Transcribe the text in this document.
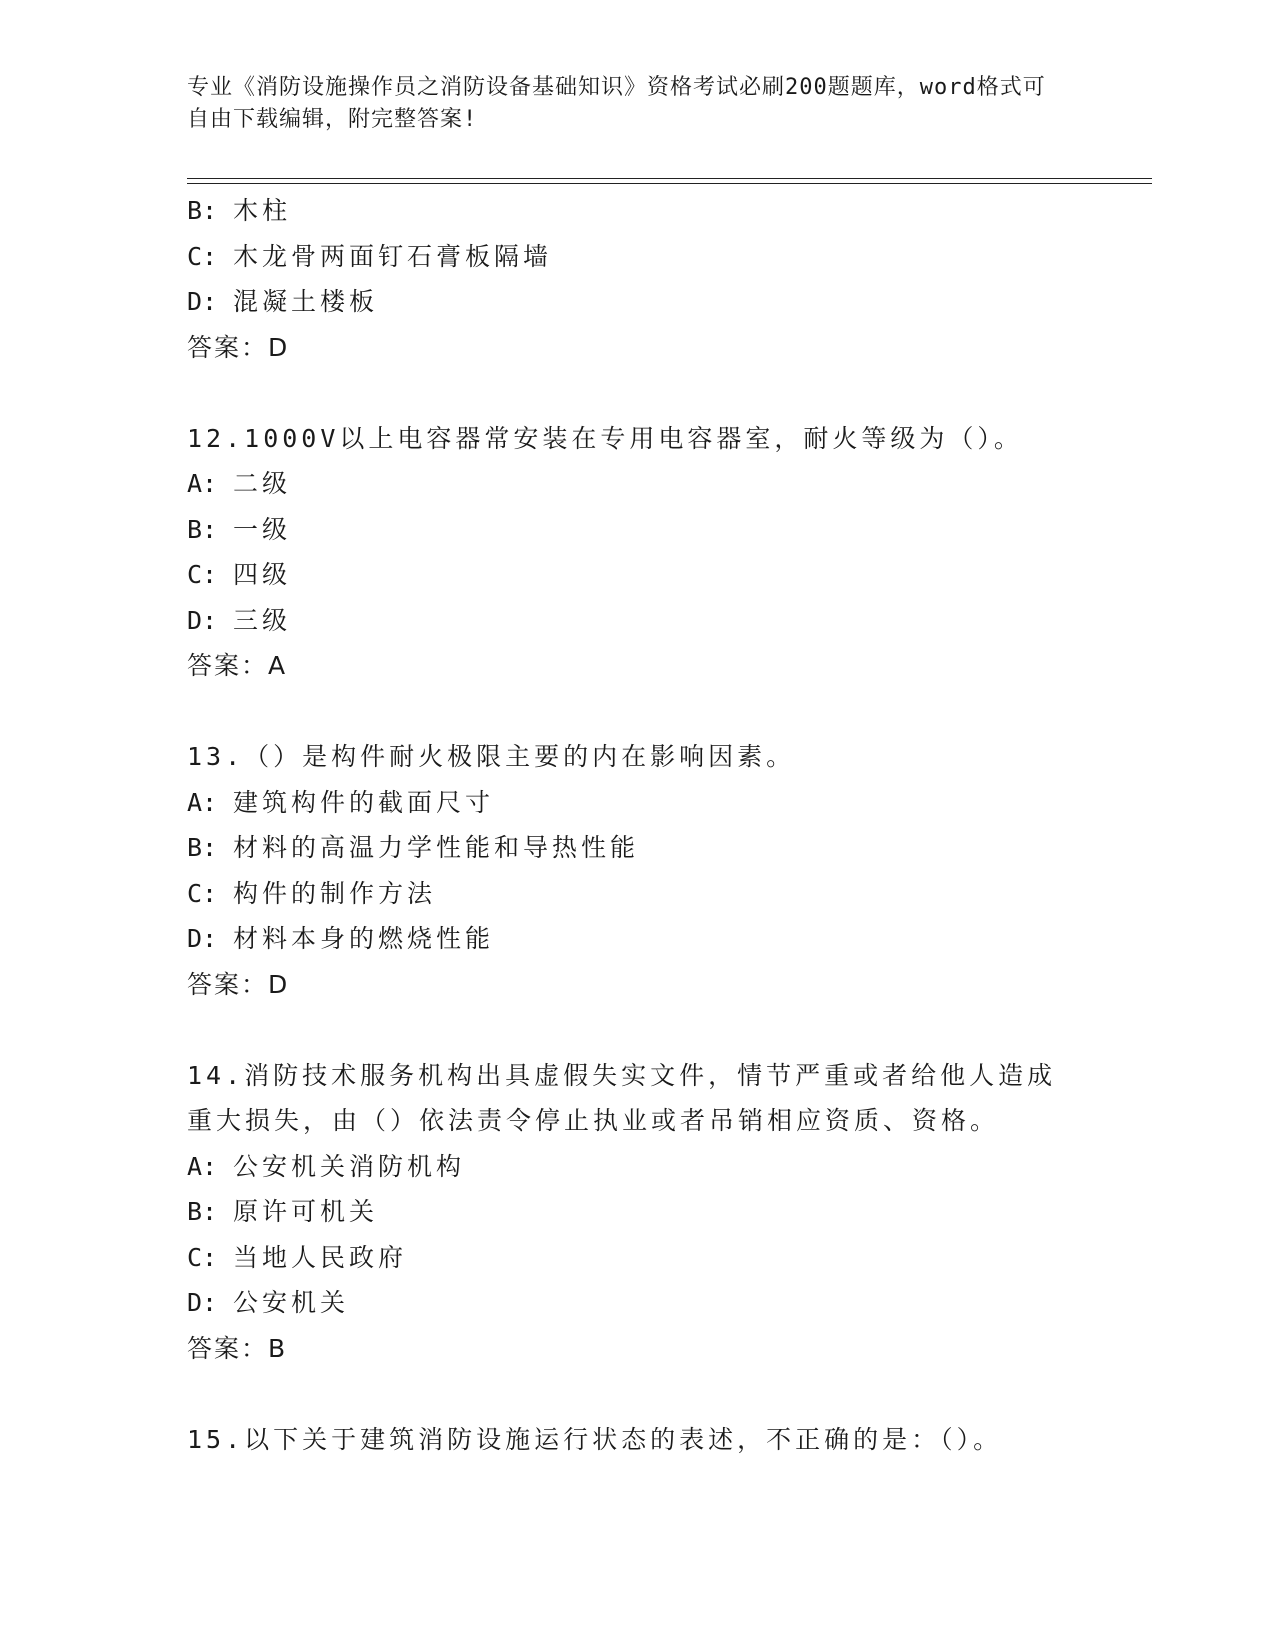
专业《消防设施操作员之消防设备基础知识》资格考试必刷200题题库，word格式可自由下载编辑，附完整答案!
B: 木柱
C: 木龙骨两面钉石膏板隔墙
D: 混凝土楼板
答案：D
12.1000V以上电容器常安装在专用电容器室，耐火等级为（）。
A: 二级
B: 一级
C: 四级
D: 三级
答案：A
13.（）是构件耐火极限主要的内在影响因素。
A: 建筑构件的截面尺寸
B: 材料的高温力学性能和导热性能
C: 构件的制作方法
D: 材料本身的燃烧性能
答案：D
14.消防技术服务机构出具虚假失实文件，情节严重或者给他人造成重大损失，由（）依法责令停止执业或者吊销相应资质、资格。
A: 公安机关消防机构
B: 原许可机关
C: 当地人民政府
D: 公安机关
答案：B
15.以下关于建筑消防设施运行状态的表述，不正确的是：（）。
